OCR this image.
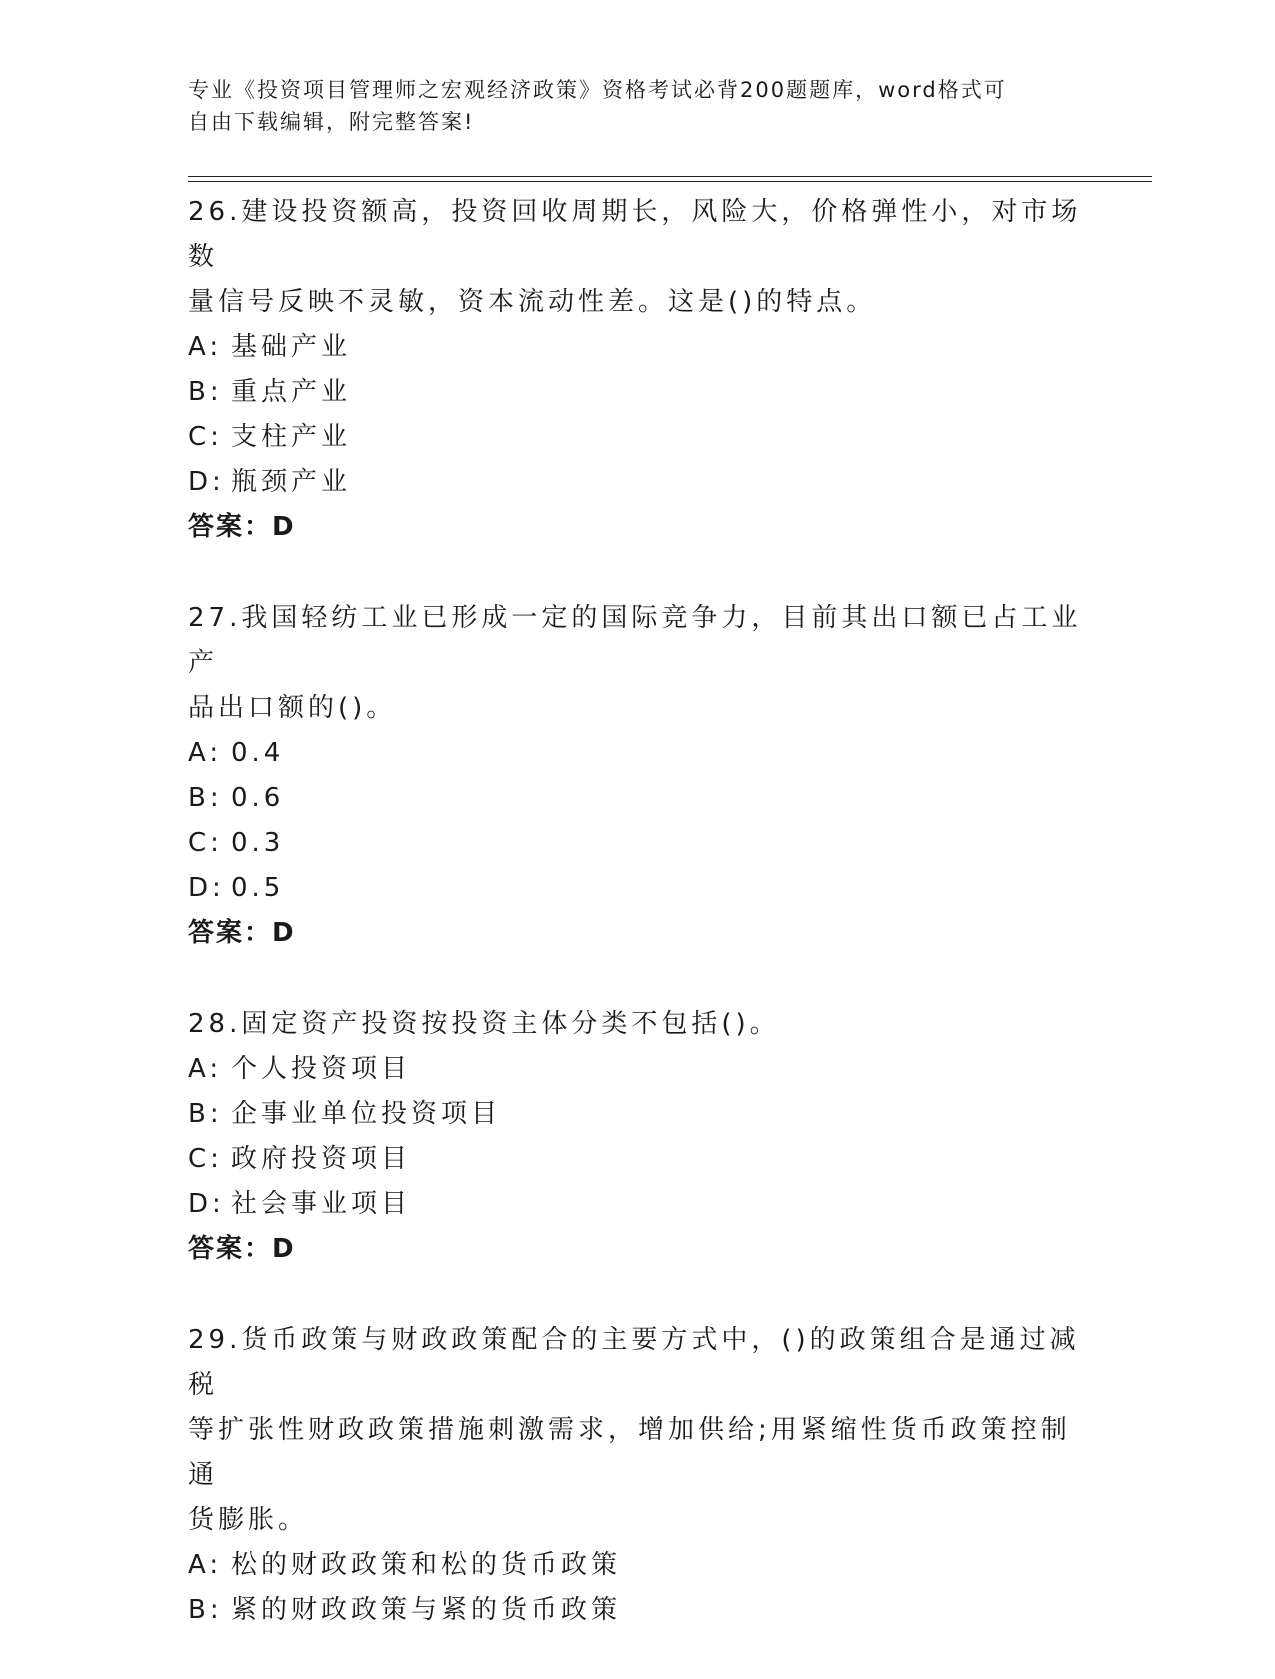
专业《投资项目管理师之宏观经济政策》资格考试必背200题题库，word格式可
自由下载编辑，附完整答案!
26.建设投资额高，投资回收周期长，风险大，价格弹性小，对市场数
量信号反映不灵敏，资本流动性差。这是()的特点。
A: 基础产业
B: 重点产业
C: 支柱产业
D: 瓶颈产业
答案：D
27.我国轻纺工业已形成一定的国际竞争力，目前其出口额已占工业产
品出口额的()。
A: 0.4
B: 0.6
C: 0.3
D: 0.5
答案：D
28.固定资产投资按投资主体分类不包括()。
A: 个人投资项目
B: 企事业单位投资项目
C: 政府投资项目
D: 社会事业项目
答案：D
29.货币政策与财政政策配合的主要方式中，()的政策组合是通过减税
等扩张性财政政策措施刺激需求，增加供给;用紧缩性货币政策控制通
货膨胀。
A: 松的财政政策和松的货币政策
B: 紧的财政政策与紧的货币政策
